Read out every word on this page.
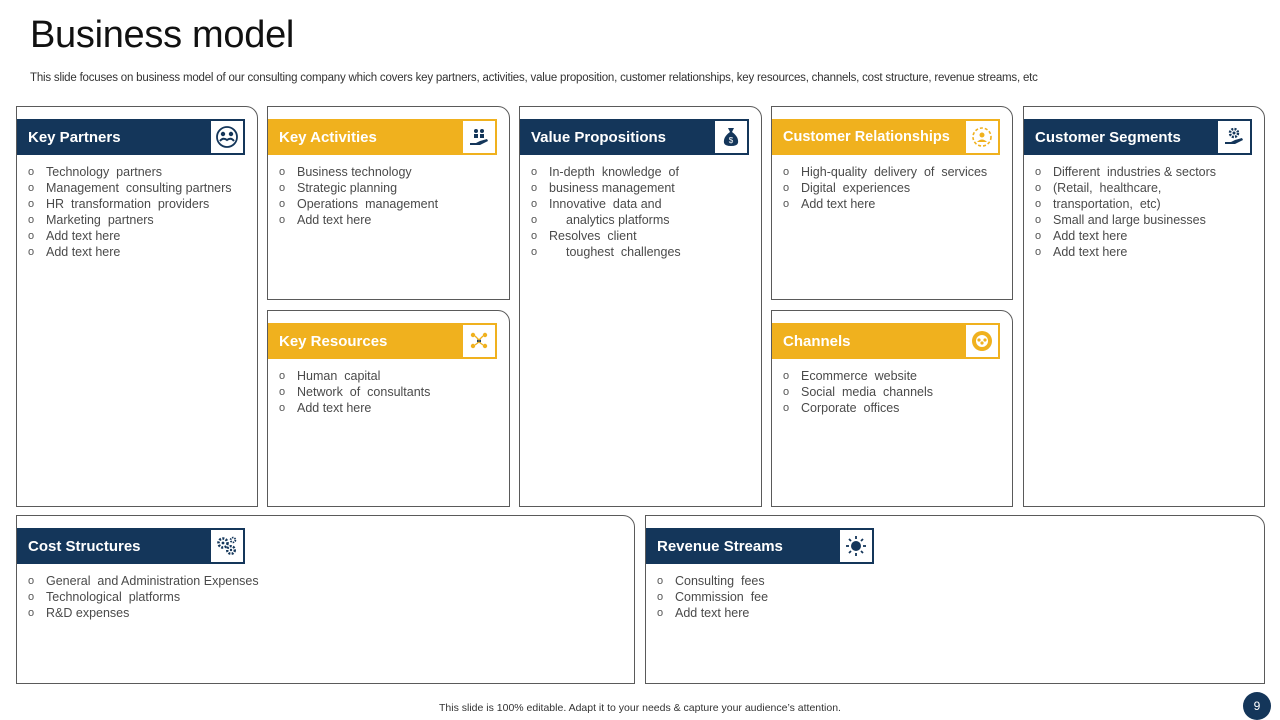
Business model
This slide focuses on business model of our consulting company which covers key partners, activities, value proposition, customer relationships, key resources, channels, cost structure, revenue streams, etc
Key Partners
o Technology  partners
o Management  consulting partners
o HR  transformation  providers
o Marketing  partners
o Add text here
o Add text here
Key Activities
o Business technology
o Strategic planning
o Operations  management
o Add text here
Key Resources
o Human  capital
o Network  of  consultants
o Add text here
Value Propositions	$
o In-depth  knowledge  of
o business management
o Innovative  data and
o analytics platforms
o Resolves  client
o toughest  challenges
Customer Relationships
o High-quality  delivery  of  services
o Digital  experiences
o Add text here
Channels
o Ecommerce  website
o Social  media  channels
o Corporate  offices
Customer Segments
o Different  industries & sectors
o (Retail,  healthcare,
o transportation,  etc)
o Small and large businesses
o Add text here
o Add text here
Cost Structures
o General  and Administration Expenses
o Technological  platforms
o R&D expenses
Revenue Streams
o Consulting  fees
o Commission  fee
o Add text here
This slide is 100% editable. Adapt it to your needs & capture your audience’s attention.	9
